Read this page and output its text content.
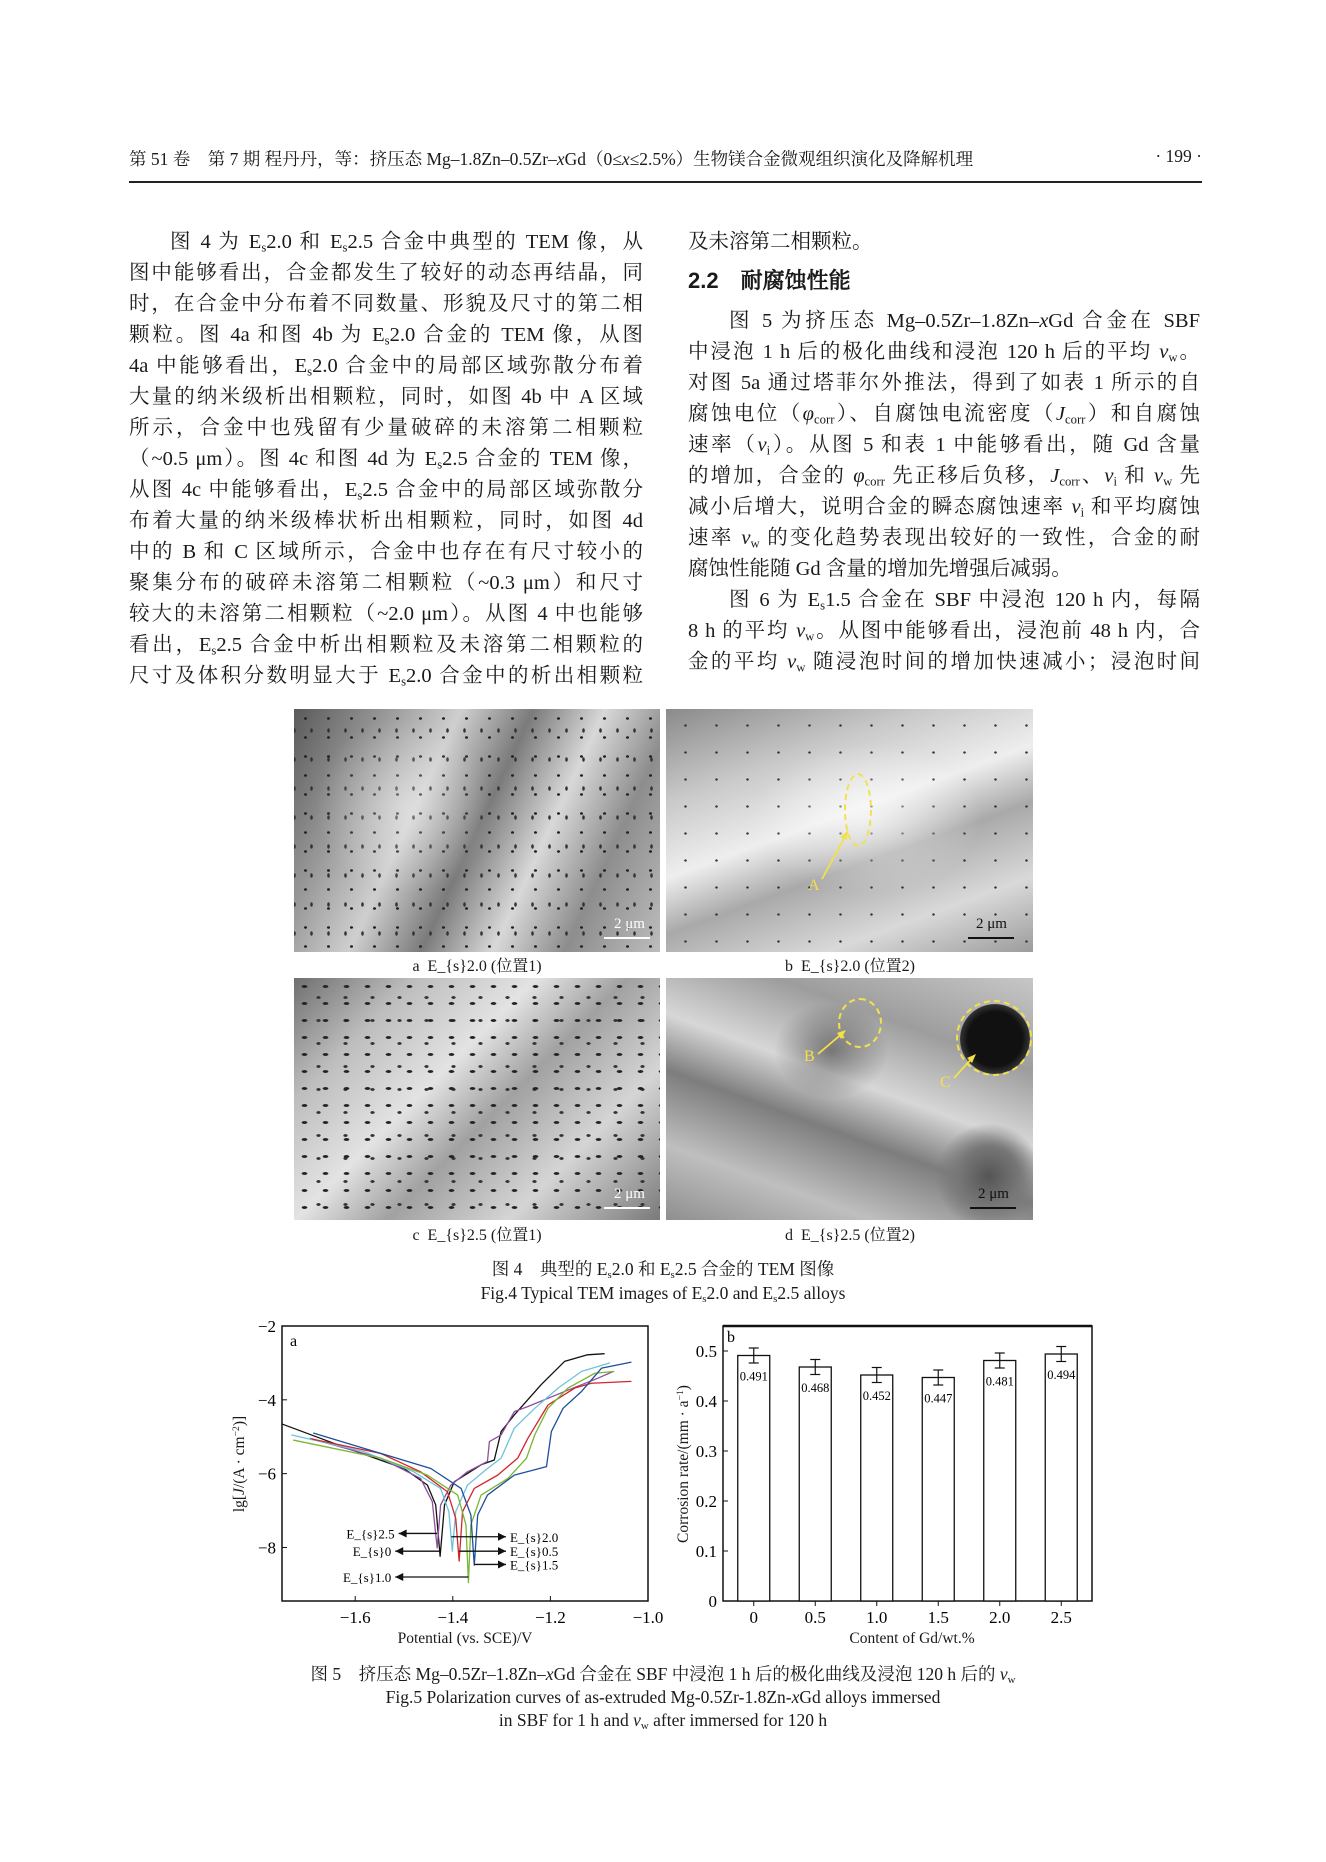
第 51 卷　第 7 期 程丹丹，等：挤压态 Mg–1.8Zn–0.5Zr–xGd（0≤x≤2.5%）生物镁合金微观组织演化及降解机理	· 199 ·
图 4 为 $E_s2.0$ 和 $E_s2.5$ 合金中典型的 TEM 像，从
图中能够看出，合金都发生了较好的动态再结晶，同
时，在合金中分布着不同数量、形貌及尺寸的第二相
颗粒。图 4a 和图 4b 为 $E_s2.0$ 合金的 TEM 像，从图
4a 中能够看出，$E_s2.0$ 合金中的局部区域弥散分布着
大量的纳米级析出相颗粒，同时，如图 4b 中 A 区域
所示，合金中也残留有少量破碎的未溶第二相颗粒
（~0.5 μm）。图 4c 和图 4d 为 $E_s2.5$ 合金的 TEM 像，
从图 4c 中能够看出，$E_s2.5$ 合金中的局部区域弥散分
布着大量的纳米级棒状析出相颗粒，同时，如图 4d
中的 B 和 C 区域所示，合金中也存在有尺寸较小的
聚集分布的破碎未溶第二相颗粒（~0.3 μm）和尺寸
较大的未溶第二相颗粒（~2.0 μm）。从图 4 中也能够
看出，$E_s2.5$ 合金中析出相颗粒及未溶第二相颗粒的
尺寸及体积分数明显大于 $E_s2.0$ 合金中的析出相颗粒
及未溶第二相颗粒。
2.2　耐腐蚀性能
图 5 为挤压态 Mg–0.5Zr–1.8Zn–xGd 合金在 SBF
中浸泡 1 h 后的极化曲线和浸泡 120 h 后的平均 $v_w$。
对图 5a 通过塔菲尔外推法，得到了如表 1 所示的自
腐蚀电位$(\varphi_{corr})$、自腐蚀电流密度$(J_{corr})$和自腐蚀
速率$(v_i)$。从图 5 和表 1 中能够看出，随 Gd 含量
的增加，合金的 $\varphi_{corr}$ 先正移后负移，$J_{corr}$、$v_i$ 和 $v_w$ 先
减小后增大，说明合金的瞬态腐蚀速率 $v_i$ 和平均腐蚀
速率 $v_w$ 的变化趋势表现出较好的一致性，合金的耐
腐蚀性能随 Gd 含量的增加先增强后减弱。
图 6 为 $E_s1.5$ 合金在 SBF 中浸泡 120 h 内，每隔
8 h 的平均 $v_w$。从图中能够看出，浸泡前 48 h 内，合
金的平均 $v_w$ 随浸泡时间的增加快速减小；浸泡时间
2 μm
A
2 μm
a  E_{s}2.0 (位置1)	b  E_{s}2.0 (位置2)
2 μm
B
C
2 μm
c  E_{s}2.5 (位置1)	d  E_{s}2.5 (位置2)
图 4　典型的 $E_s2.0$ 和 $E_s2.5$ 合金的 TEM 图像
Fig.4 Typical TEM images of $E_s2.0$ and $E_s2.5$ alloys
−2
−4
−6
−8
−1.6	−1.4	−1.2	−1.0
a
E_{s}2.5
E_{s}0
E_{s}1.0
E_{s}2.0
E_{s}0.5
E_{s}1.5
$\lg[J/(A \cdot cm^{-2})]$
Potential (vs. SCE)/V
0
0.1
0.2
0.3
0.4
0.5
b
0.491
0
0.468
0.5
0.452
1.0
0.447
1.5
0.481
2.0
0.494
2.5
Corrosion rate/(mm · $a^{-1}$)
Content of Gd/wt.%
图 5　挤压态 Mg–0.5Zr–1.8Zn–xGd 合金在 SBF 中浸泡 1 h 后的极化曲线及浸泡 120 h 后的 $v_w$
Fig.5 Polarization curves of as-extruded Mg-0.5Zr-1.8Zn-xGd alloys immersed
in SBF for 1 h and $v_w$ after immersed for 120 h
